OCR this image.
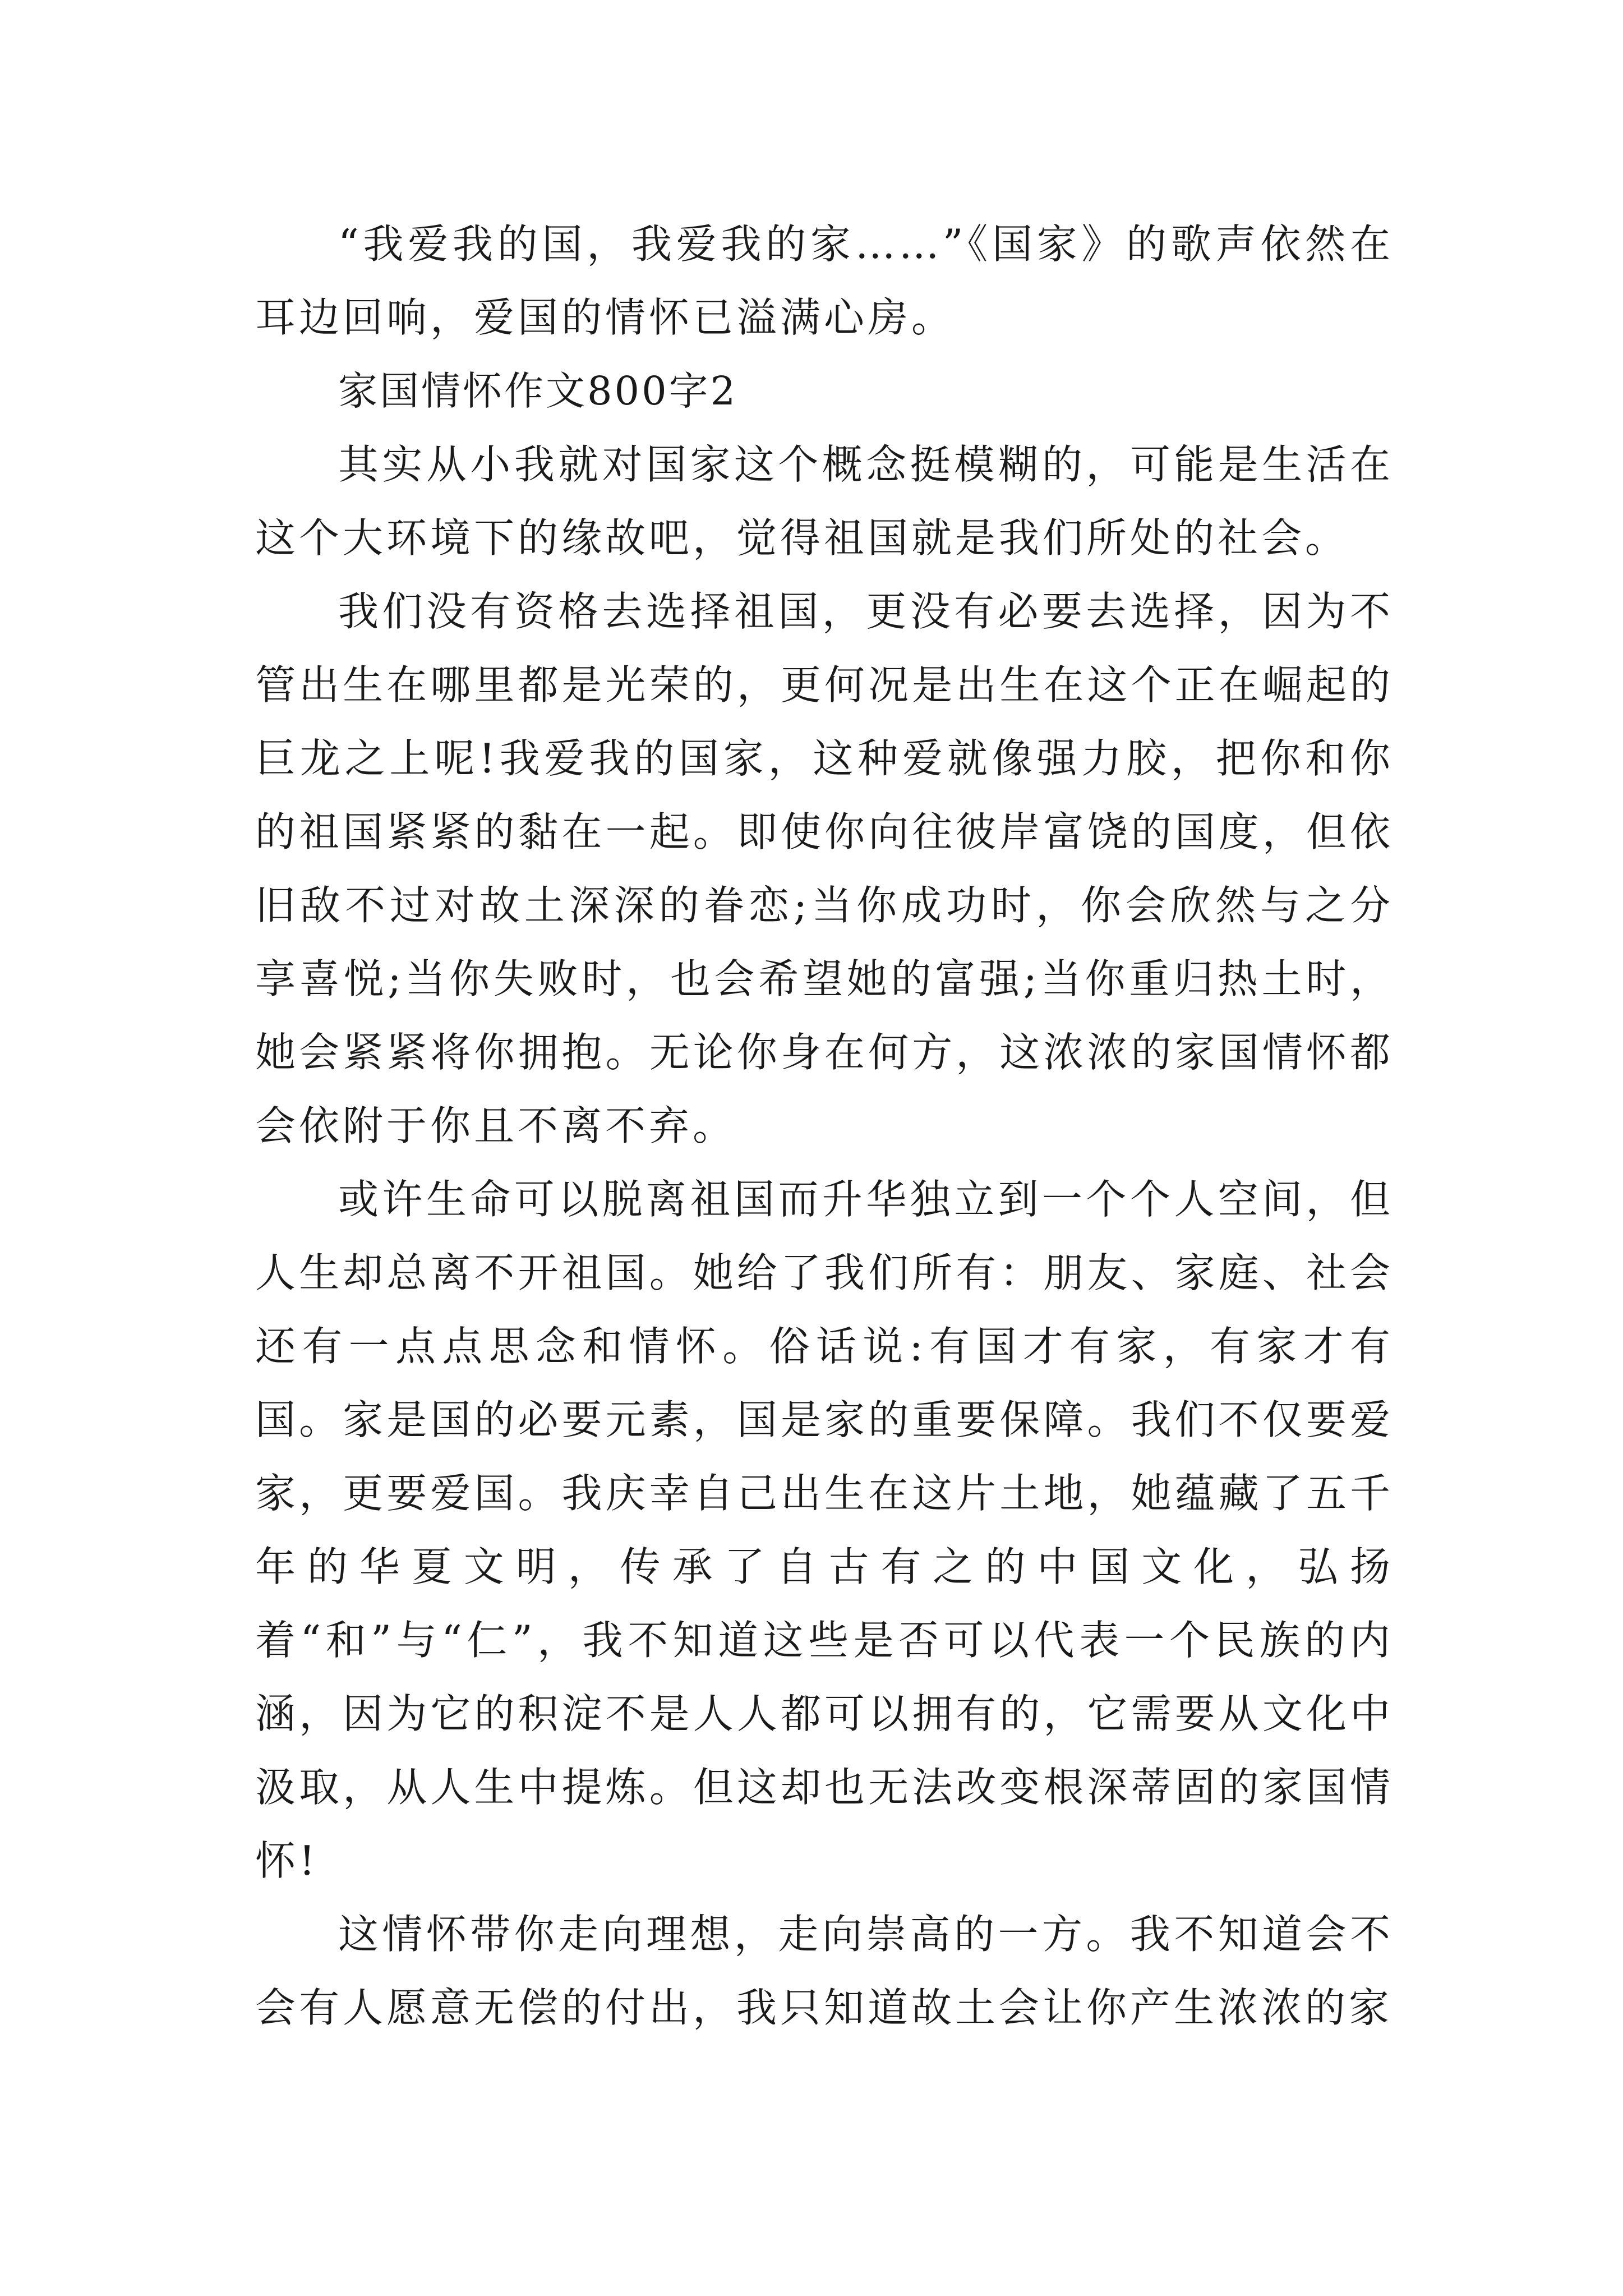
“我爱我的国，我爱我的家……”《国家》的歌声依然在耳边回响，爱国的情怀已溢满心房。

家国情怀作文800字2

其实从小我就对国家这个概念挺模糊的，可能是生活在这个大环境下的缘故吧，觉得祖国就是我们所处的社会。

我们没有资格去选择祖国，更没有必要去选择，因为不管出生在哪里都是光荣的，更何况是出生在这个正在崛起的巨龙之上呢!我爱我的国家，这种爱就像强力胶，把你和你的祖国紧紧的黏在一起。即使你向往彼岸富饶的国度，但依旧敌不过对故土深深的眷恋;当你成功时，你会欣然与之分享喜悦;当你失败时，也会希望她的富强;当你重归热土时，她会紧紧将你拥抱。无论你身在何方，这浓浓的家国情怀都会依附于你且不离不弃。

或许生命可以脱离祖国而升华独立到一个个人空间，但人生却总离不开祖国。她给了我们所有：朋友、家庭、社会还有一点点思念和情怀。俗话说:有国才有家，有家才有国。家是国的必要元素，国是家的重要保障。我们不仅要爱家，更要爱国。我庆幸自己出生在这片土地，她蕴藏了五千年的华夏文明，传承了自古有之的中国文化，弘扬着“和”与“仁”，我不知道这些是否可以代表一个民族的内涵，因为它的积淀不是人人都可以拥有的，它需要从文化中汲取，从人生中提炼。但这却也无法改变根深蒂固的家国情怀!

这情怀带你走向理想，走向崇高的一方。我不知道会不会有人愿意无偿的付出，我只知道故土会让你产生浓浓的家
